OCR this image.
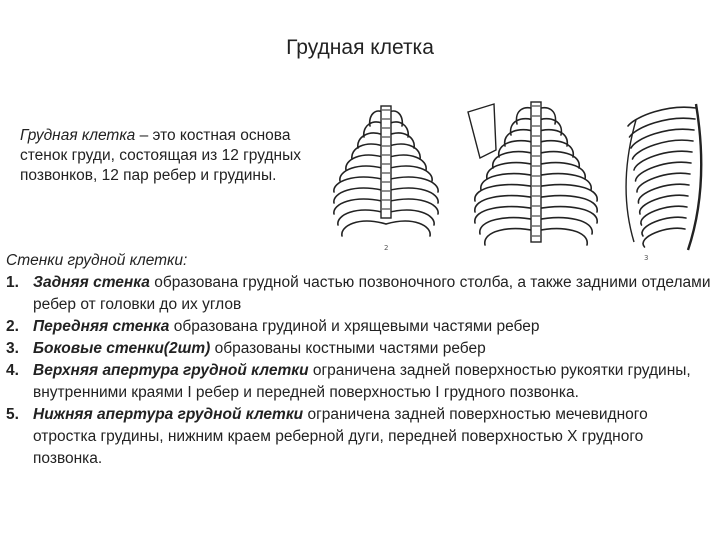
Грудная клетка
Грудная клетка – это костная основа стенок груди, состоящая из 12 грудных позвонков, 12 пар ребер и грудины.
2
3
Стенки грудной клетки:
1. Задняя стенка образована грудной частью позвоночного столба, а также задними отделами ребер от головки до их углов
2. Передняя стенка образована грудиной и хрящевыми частями ребер
3. Боковые стенки(2шт) образованы костными частями ребер
4. Верхняя апертура грудной клетки ограничена задней поверхностью рукоятки грудины, внутренними краями I ребер и передней поверхностью I грудного позвонка.
5. Нижняя апертура грудной клетки ограничена задней поверхностью мечевидного отростка грудины, нижним краем реберной дуги, передней поверхностью X грудного позвонка.
